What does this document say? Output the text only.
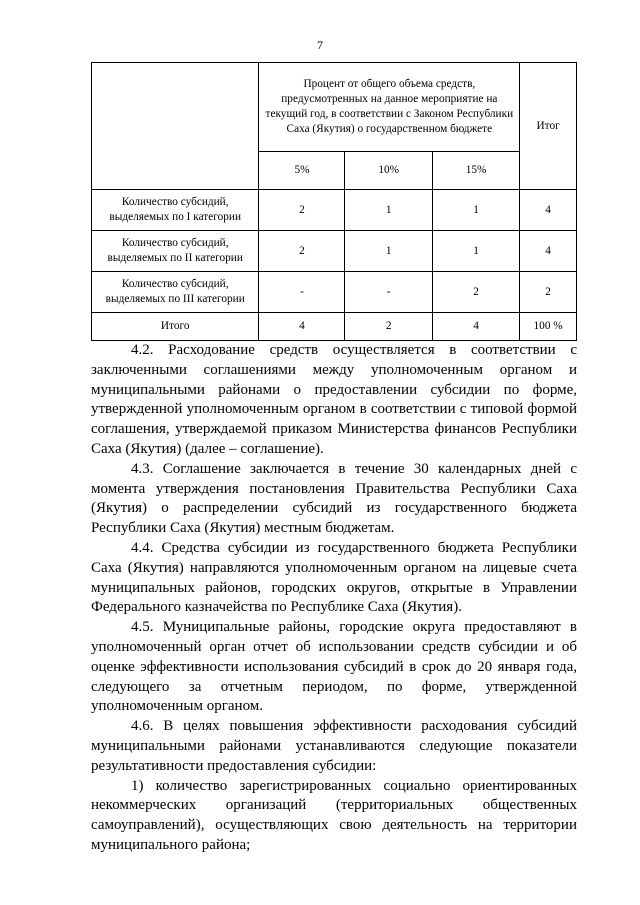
7
	Процент от общего объема средств, предусмотренных на данное мероприятие на текущий год, в соответствии с Законом Республики Саха (Якутия) о государственном бюджете			Итог
	5%	10%	15%	
Количество субсидий, выделяемых по I категории	2	1	1	4
Количество субсидий, выделяемых по II категории	2	1	1	4
Количество субсидий, выделяемых по III категории	-	-	2	2
Итого	4	2	4	100 %

4.2. Расходование средств осуществляется в соответствии с заключенными соглашениями между уполномоченным органом и муниципальными районами о предоставлении субсидии по форме, утвержденной уполномоченным органом в соответствии с типовой формой соглашения, утверждаемой приказом Министерства финансов Республики Саха (Якутия) (далее – соглашение).

4.3. Соглашение заключается в течение 30 календарных дней с момента утверждения постановления Правительства Республики Саха (Якутия) о распределении субсидий из государственного бюджета Республики Саха (Якутия) местным бюджетам.

4.4. Средства субсидии из государственного бюджета Республики Саха (Якутия) направляются уполномоченным органом на лицевые счета муниципальных районов, городских округов, открытые в Управлении Федерального казначейства по Республике Саха (Якутия).

4.5. Муниципальные районы, городские округа предоставляют в уполномоченный орган отчет об использовании средств субсидии и об оценке эффективности использования субсидий в срок до 20 января года, следующего за отчетным периодом, по форме, утвержденной уполномоченным органом.

4.6. В целях повышения эффективности расходования субсидий муниципальными районами устанавливаются следующие показатели результативности предоставления субсидии:

1) количество зарегистрированных социально ориентированных некоммерческих организаций (территориальных общественных самоуправлений), осуществляющих свою деятельность на территории муниципального района;
